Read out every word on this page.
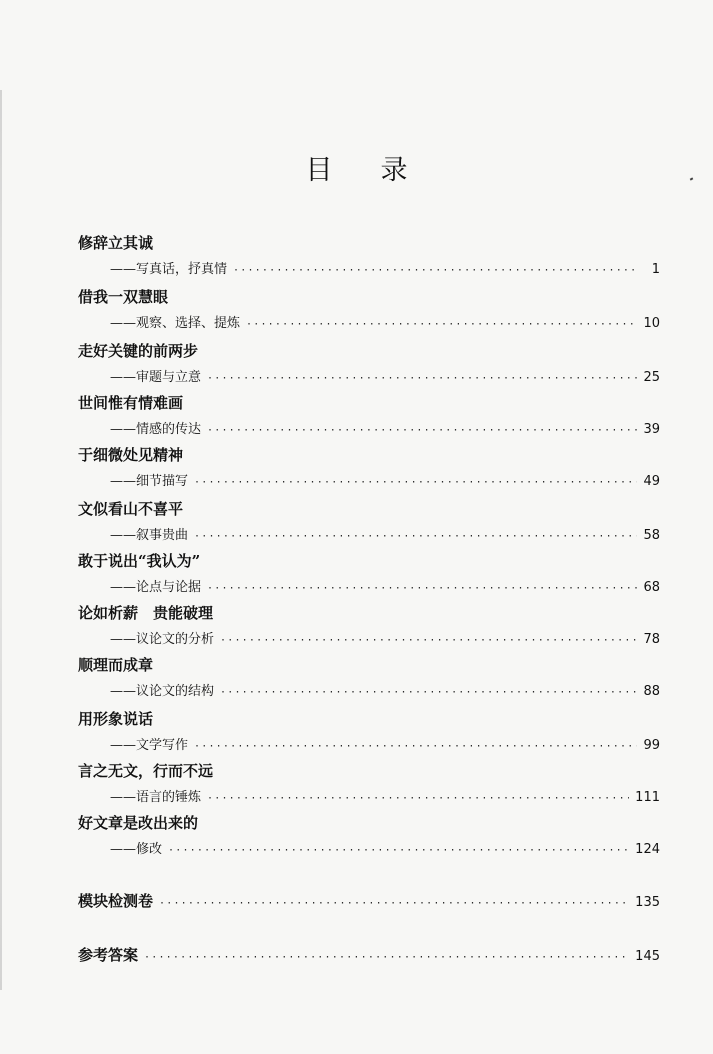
目 录
修辞立其诚
——写真话，抒真情 ·····	1
借我一双慧眼
——观察、选择、提炼 ·····	10
走好关键的前两步
——审题与立意 ·····	25
世间惟有情难画
——情感的传达 ·····	39
于细微处见精神
——细节描写 ·····	49
文似看山不喜平
——叙事贵曲 ·····	58
敢于说出“我认为”
——论点与论据 ·····	68
论如析薪　贵能破理
——议论文的分析 ·····	78
顺理而成章
——议论文的结构 ·····	88
用形象说话
——文学写作 ·····	99
言之无文，行而不远
——语言的锤炼 ·····	111
好文章是改出来的
——修改 ·····	124
模块检测卷 ·····	135
参考答案 ·····	145
